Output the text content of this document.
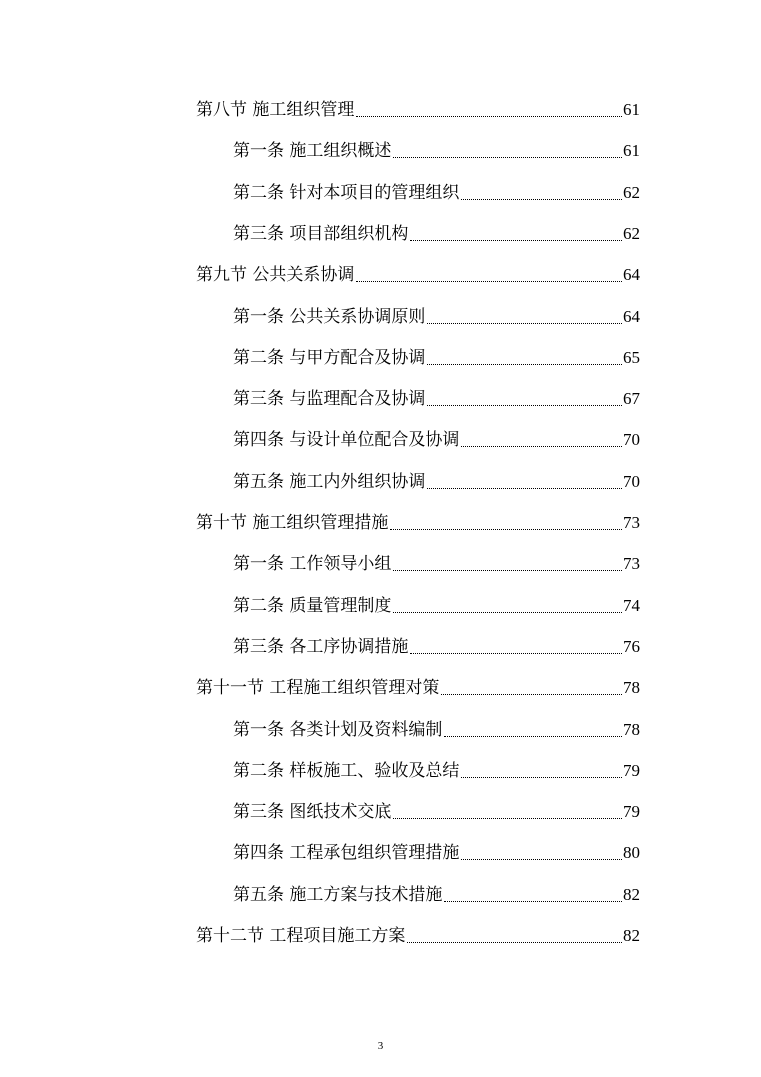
第八节 施工组织管理	61
第一条 施工组织概述	61
第二条 针对本项目的管理组织	62
第三条 项目部组织机构	62
第九节 公共关系协调	64
第一条 公共关系协调原则	64
第二条 与甲方配合及协调	65
第三条 与监理配合及协调	67
第四条 与设计单位配合及协调	70
第五条 施工内外组织协调	70
第十节 施工组织管理措施	73
第一条 工作领导小组	73
第二条 质量管理制度	74
第三条 各工序协调措施	76
第十一节 工程施工组织管理对策	78
第一条 各类计划及资料编制	78
第二条 样板施工、验收及总结	79
第三条 图纸技术交底	79
第四条 工程承包组织管理措施	80
第五条 施工方案与技术措施	82
第十二节 工程项目施工方案	82
3
